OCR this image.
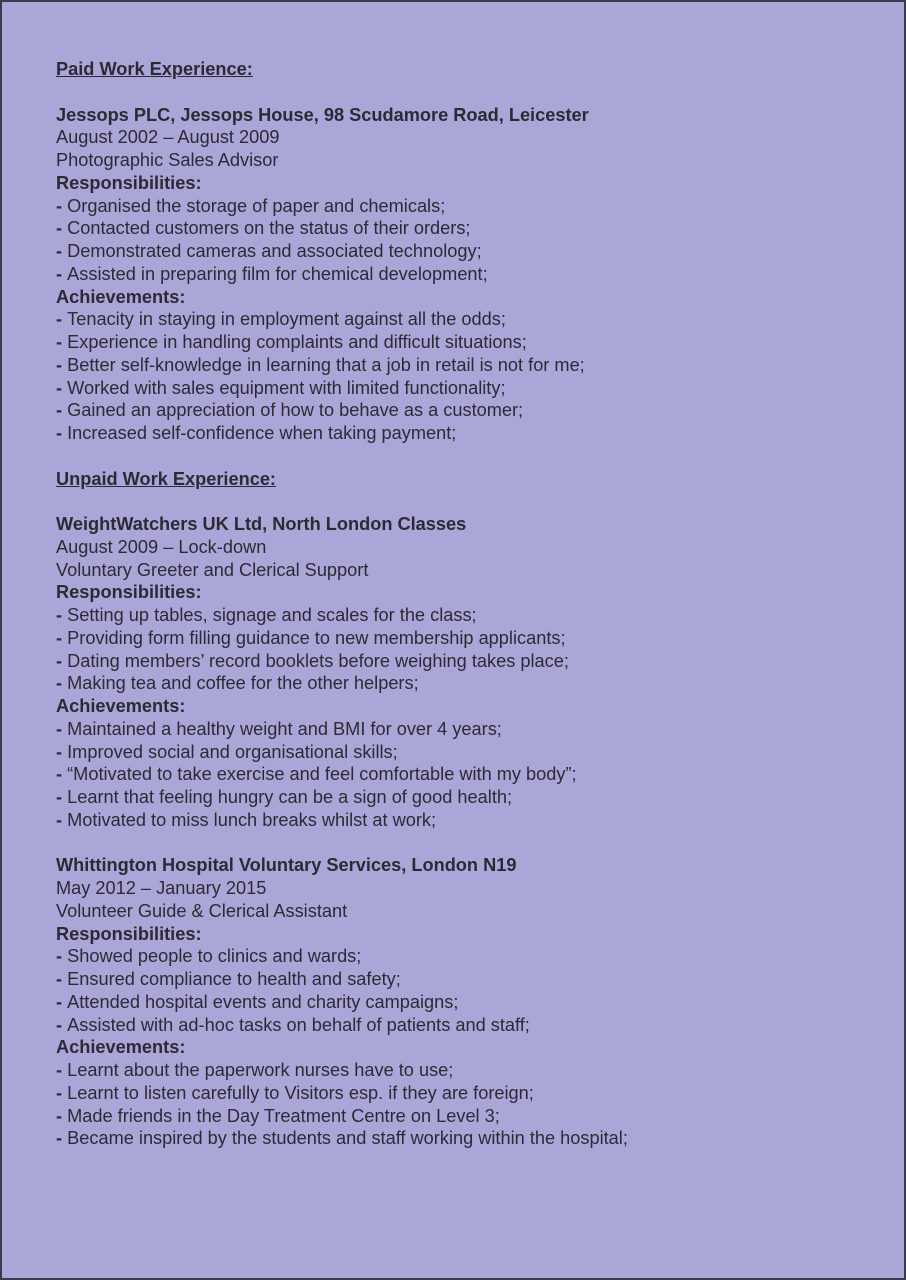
Paid Work Experience:

Jessops PLC, Jessops House, 98 Scudamore Road, Leicester

August 2002 – August 2009

Photographic Sales Advisor

Responsibilities:

- Organised the storage of paper and chemicals;

- Contacted customers on the status of their orders;

- Demonstrated cameras and associated technology;

- Assisted in preparing film for chemical development;

Achievements:

- Tenacity in staying in employment against all the odds;

- Experience in handling complaints and difficult situations;

- Better self-knowledge in learning that a job in retail is not for me;

- Worked with sales equipment with limited functionality;

- Gained an appreciation of how to behave as a customer;

- Increased self-confidence when taking payment;

Unpaid Work Experience:

WeightWatchers UK Ltd, North London Classes

August 2009 – Lock-down

Voluntary Greeter and Clerical Support

Responsibilities:

- Setting up tables, signage and scales for the class;

- Providing form filling guidance to new membership applicants;

- Dating members’ record booklets before weighing takes place;

- Making tea and coffee for the other helpers;

Achievements:

- Maintained a healthy weight and BMI for over 4 years;

- Improved social and organisational skills;

- “Motivated to take exercise and feel comfortable with my body”;

- Learnt that feeling hungry can be a sign of good health;

- Motivated to miss lunch breaks whilst at work;

Whittington Hospital Voluntary Services, London N19

May 2012 – January 2015

Volunteer Guide & Clerical Assistant

Responsibilities:

- Showed people to clinics and wards;

- Ensured compliance to health and safety;

- Attended hospital events and charity campaigns;

- Assisted with ad-hoc tasks on behalf of patients and staff;

Achievements:

- Learnt about the paperwork nurses have to use;

- Learnt to listen carefully to Visitors esp. if they are foreign;

- Made friends in the Day Treatment Centre on Level 3;

- Became inspired by the students and staff working within the hospital;
